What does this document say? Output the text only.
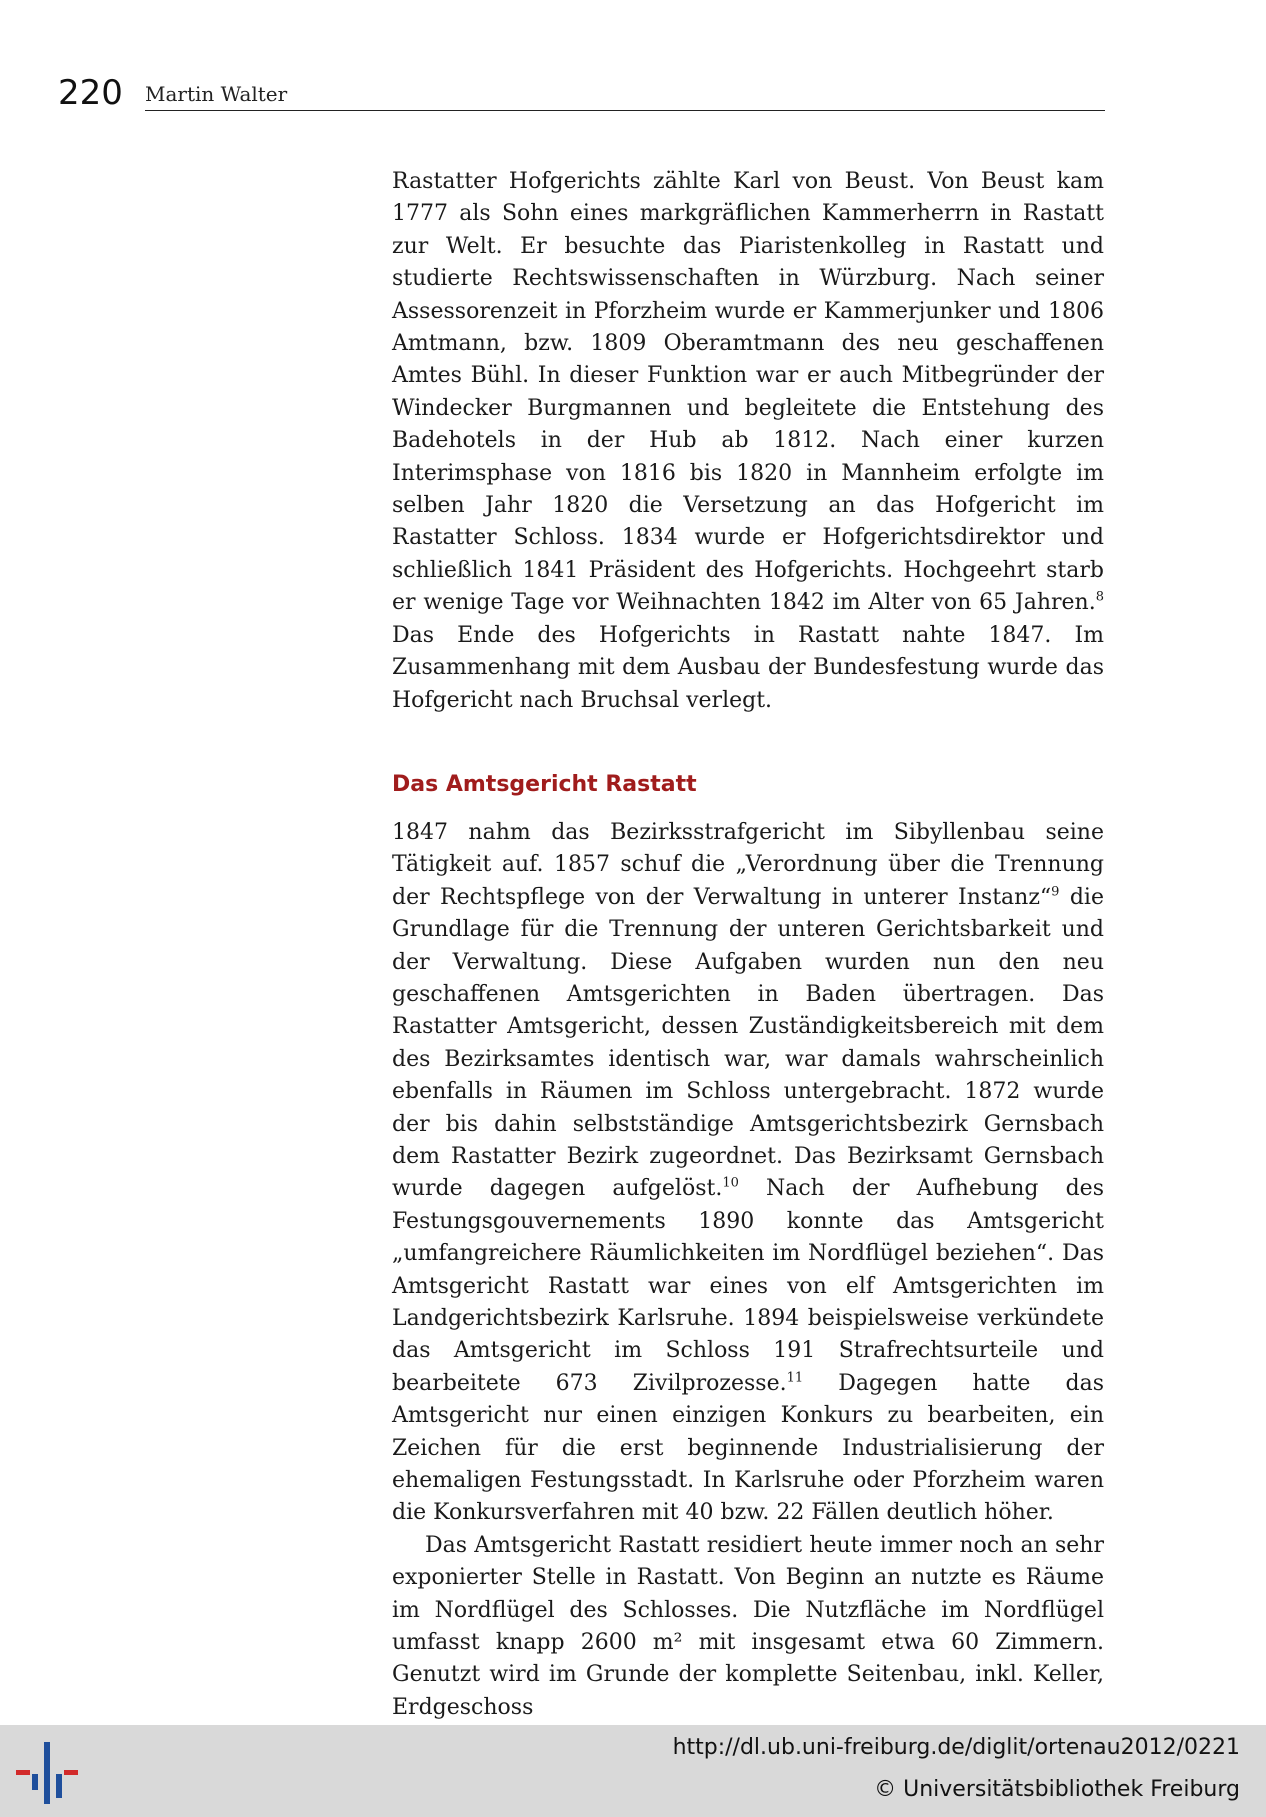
220 Martin Walter

Rastatter Hofgerichts zählte Karl von Beust. Von Beust kam 1777 als Sohn eines markgräflichen Kammerherrn in Rastatt zur Welt. Er besuchte das Piaristenkolleg in Rastatt und studierte Rechtswissenschaften in Würzburg. Nach seiner Assessorenzeit in Pforzheim wurde er Kammerjunker und 1806 Amtmann, bzw. 1809 Oberamtmann des neu geschaffenen Amtes Bühl. In dieser Funktion war er auch Mitbegründer der Windecker Burgmannen und begleitete die Entstehung des Badehotels in der Hub ab 1812. Nach einer kurzen Interimsphase von 1816 bis 1820 in Mannheim erfolgte im selben Jahr 1820 die Versetzung an das Hofgericht im Rastatter Schloss. 1834 wurde er Hofgerichtsdirektor und schließlich 1841 Präsident des Hofgerichts. Hochgeehrt starb er wenige Tage vor Weihnachten 1842 im Alter von 65 Jahren.$^8$ Das Ende des Hofgerichts in Rastatt nahte 1847. Im Zusammenhang mit dem Ausbau der Bundesfestung wurde das Hofgericht nach Bruchsal verlegt.

Das Amtsgericht Rastatt

1847 nahm das Bezirksstrafgericht im Sibyllenbau seine Tätigkeit auf. 1857 schuf die „Verordnung über die Trennung der Rechtspflege von der Verwaltung in unterer Instanz“$^9$ die Grundlage für die Trennung der unteren Gerichtsbarkeit und der Verwaltung. Diese Aufgaben wurden nun den neu geschaffenen Amtsgerichten in Baden übertragen. Das Rastatter Amtsgericht, dessen Zuständigkeitsbereich mit dem des Bezirksamtes identisch war, war damals wahrscheinlich ebenfalls in Räumen im Schloss untergebracht. 1872 wurde der bis dahin selbstständige Amtsgerichtsbezirk Gernsbach dem Rastatter Bezirk zugeordnet. Das Bezirksamt Gernsbach wurde dagegen aufgelöst.$^{10}$ Nach der Aufhebung des Festungsgouvernements 1890 konnte das Amtsgericht „umfangreichere Räumlichkeiten im Nordflügel beziehen“. Das Amtsgericht Rastatt war eines von elf Amtsgerichten im Landgerichtsbezirk Karlsruhe. 1894 beispielsweise verkündete das Amtsgericht im Schloss 191 Strafrechtsurteile und bearbeitete 673 Zivilprozesse.$^{11}$ Dagegen hatte das Amtsgericht nur einen einzigen Konkurs zu bearbeiten, ein Zeichen für die erst beginnende Industrialisierung der ehemaligen Festungsstadt. In Karlsruhe oder Pforzheim waren die Konkursverfahren mit 40 bzw. 22 Fällen deutlich höher.

Das Amtsgericht Rastatt residiert heute immer noch an sehr exponierter Stelle in Rastatt. Von Beginn an nutzte es Räume im Nordflügel des Schlosses. Die Nutzfläche im Nordflügel umfasst knapp 2600 m² mit insgesamt etwa 60 Zimmern. Genutzt wird im Grunde der komplette Seitenbau, inkl. Keller, Erdgeschoss

http://dl.ub.uni-freiburg.de/diglit/ortenau2012/0221
© Universitätsbibliothek Freiburg
